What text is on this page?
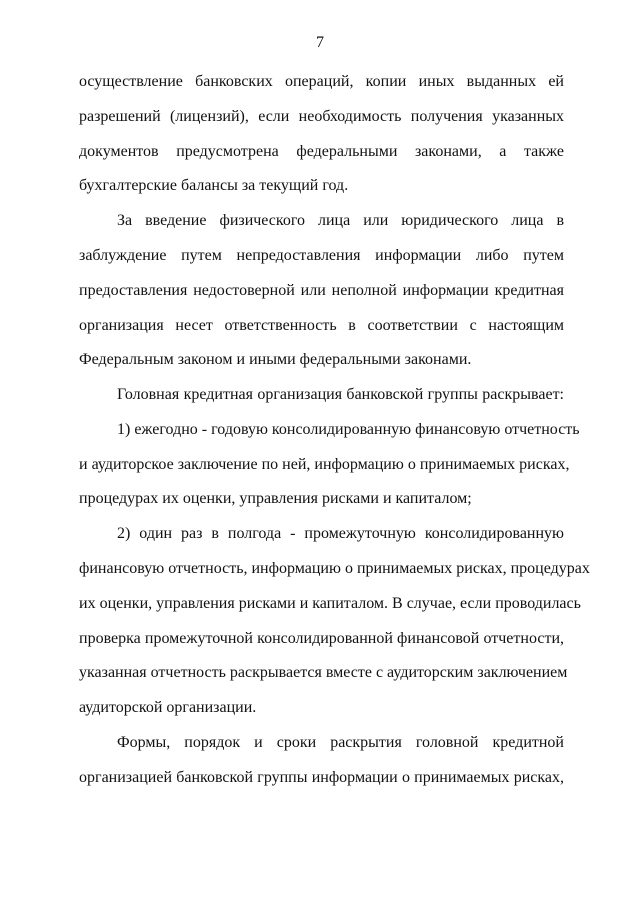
7
осуществление банковских операций, копии иных выданных ей
разрешений (лицензий), если необходимость получения указанных
документов предусмотрена федеральными законами, а также
бухгалтерские балансы за текущий год.
За введение физического лица или юридического лица в
заблуждение путем непредоставления информации либо путем
предоставления недостоверной или неполной информации кредитная
организация несет ответственность в соответствии с настоящим
Федеральным законом и иными федеральными законами.
Головная кредитная организация банковской группы раскрывает:
1) ежегодно - годовую консолидированную финансовую отчетность
и аудиторское заключение по ней, информацию о принимаемых рисках,
процедурах их оценки, управления рисками и капиталом;
2) один раз в полгода - промежуточную консолидированную
финансовую отчетность, информацию о принимаемых рисках, процедурах
их оценки, управления рисками и капиталом. В случае, если проводилась
проверка промежуточной консолидированной финансовой отчетности,
указанная отчетность раскрывается вместе с аудиторским заключением
аудиторской организации.
Формы, порядок и сроки раскрытия головной кредитной
организацией банковской группы информации о принимаемых рисках,
